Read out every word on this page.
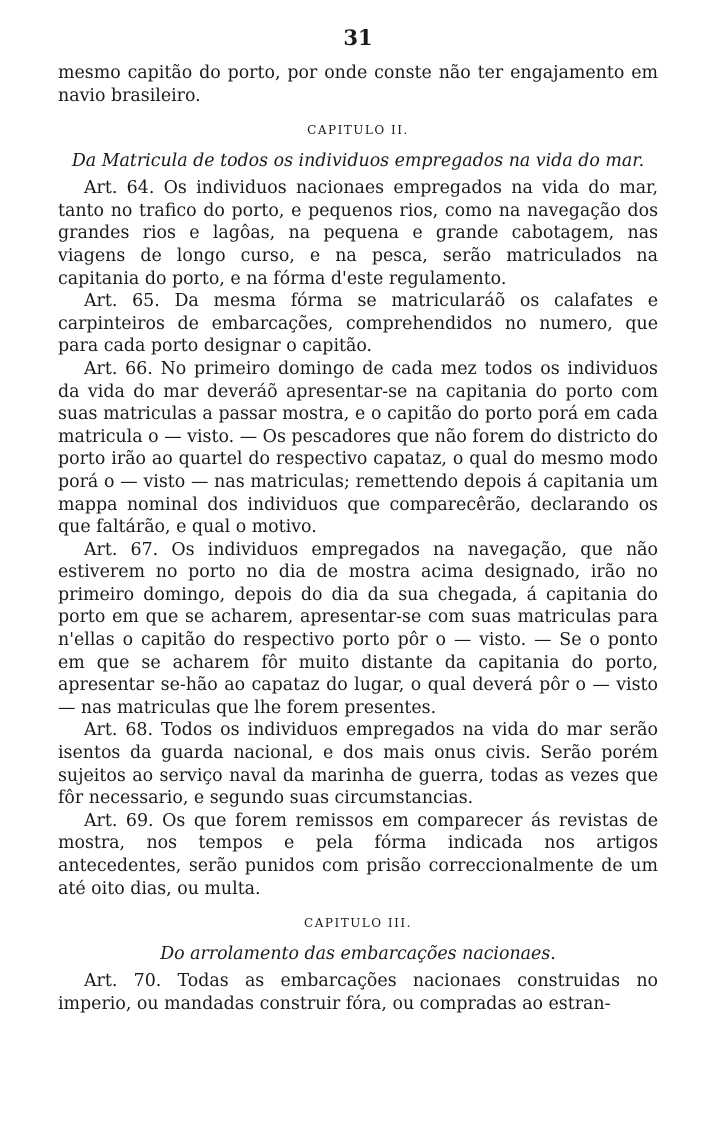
31

mesmo capitão do porto, por onde conste não ter engajamento em navio brasileiro.

CAPITULO II.
Da Matricula de todos os individuos empregados na vida do mar.

Art. 64. Os individuos nacionaes empregados na vida do mar, tanto no trafico do porto, e pequenos rios, como na navegação dos grandes rios e lagôas, na pequena e grande cabotagem, nas viagens de longo curso, e na pesca, serão matriculados na capitania do porto, e na fórma d'este regulamento.

Art. 65. Da mesma fórma se matricularáõ os calafates e carpinteiros de embarcações, comprehendidos no numero, que para cada porto designar o capitão.

Art. 66. No primeiro domingo de cada mez todos os individuos da vida do mar deveráõ apresentar-se na capitania do porto com suas matriculas a passar mostra, e o capitão do porto porá em cada matricula o — visto. — Os pescadores que não forem do districto do porto irão ao quartel do respectivo capataz, o qual do mesmo modo porá o — visto — nas matriculas; remettendo depois á capitania um mappa nominal dos individuos que comparecêrão, declarando os que faltárão, e qual o motivo.

Art. 67. Os individuos empregados na navegação, que não estiverem no porto no dia de mostra acima designado, irão no primeiro domingo, depois do dia da sua chegada, á capitania do porto em que se acharem, apresentar-se com suas matriculas para n'ellas o capitão do respectivo porto pôr o — visto. — Se o ponto em que se acharem fôr muito distante da capitania do porto, apresentar se-hão ao capataz do lugar, o qual deverá pôr o — visto — nas matriculas que lhe forem presentes.

Art. 68. Todos os individuos empregados na vida do mar serão isentos da guarda nacional, e dos mais onus civis. Serão porém sujeitos ao serviço naval da marinha de guerra, todas as vezes que fôr necessario, e segundo suas circumstancias.

Art. 69. Os que forem remissos em comparecer ás revistas de mostra, nos tempos e pela fórma indicada nos artigos antecedentes, serão punidos com prisão correccionalmente de um até oito dias, ou multa.

CAPITULO III.
Do arrolamento das embarcações nacionaes.

Art. 70. Todas as embarcações nacionaes construidas no imperio, ou mandadas construir fóra, ou compradas ao estran-
